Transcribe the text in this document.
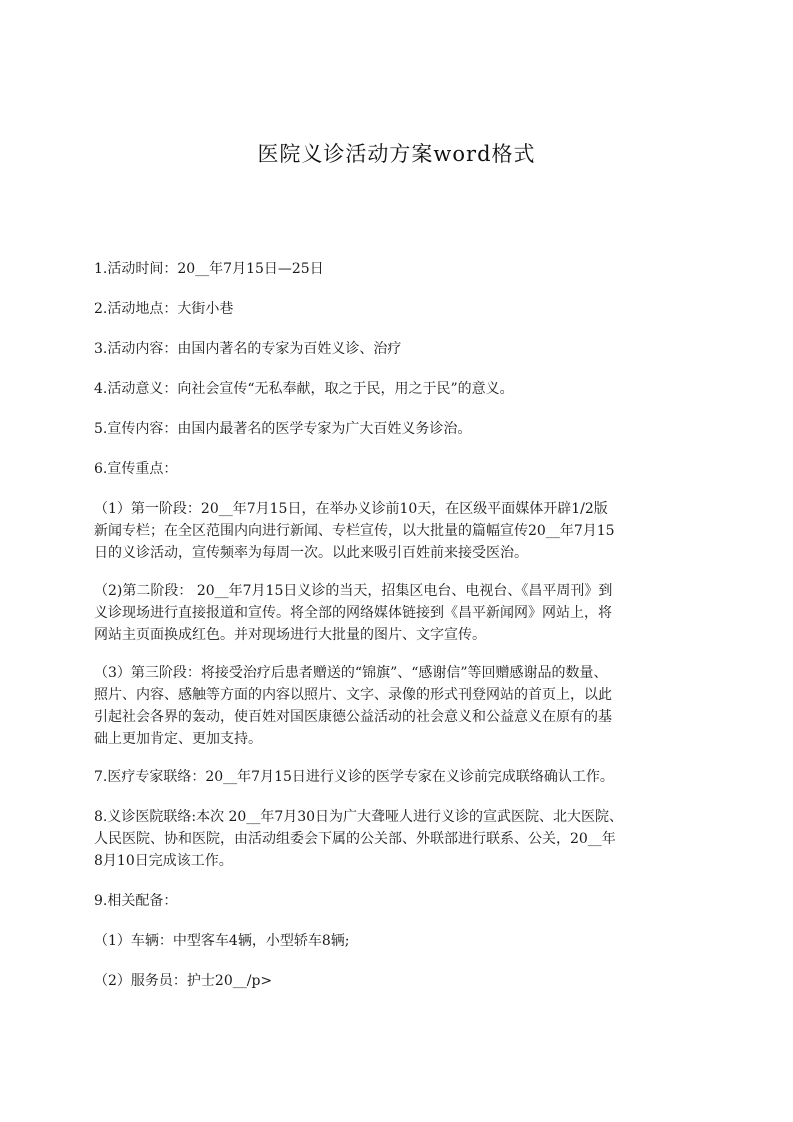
医院义诊活动方案word格式
1.活动时间：20__年7月15日—25日
2.活动地点：大街小巷
3.活动内容：由国内著名的专家为百姓义诊、治疗
4.活动意义：向社会宣传“无私奉献，取之于民，用之于民”的意义。
5.宣传内容：由国内最著名的医学专家为广大百姓义务诊治。
6.宣传重点：
（1）第一阶段：20__年7月15日，在举办义诊前10天，在区级平面媒体开辟1/2版
新闻专栏；在全区范围内向进行新闻、专栏宣传，以大批量的篇幅宣传20__年7月15
日的义诊活动，宣传频率为每周一次。以此来吸引百姓前来接受医治。
（2)第二阶段： 20__年7月15日义诊的当天，招集区电台、电视台、《昌平周刊》到
义诊现场进行直接报道和宣传。将全部的网络媒体链接到《昌平新闻网》网站上，将
网站主页面换成红色。并对现场进行大批量的图片、文字宣传。
（3）第三阶段：将接受治疗后患者赠送的“锦旗”、“感谢信”等回赠感谢品的数量、
照片、内容、感触等方面的内容以照片、文字、录像的形式刊登网站的首页上，以此
引起社会各界的轰动，使百姓对国医康德公益活动的社会意义和公益意义在原有的基
础上更加肯定、更加支持。
7.医疗专家联络：20__年7月15日进行义诊的医学专家在义诊前完成联络确认工作。
8.义诊医院联络:本次 20__年7月30日为广大聋哑人进行义诊的宣武医院、北大医院、
人民医院、协和医院，由活动组委会下属的公关部、外联部进行联系、公关，20__年
8月10日完成该工作。
9.相关配备：
（1）车辆：中型客车4辆，小型轿车8辆;
（2）服务员：护士20__/p>
